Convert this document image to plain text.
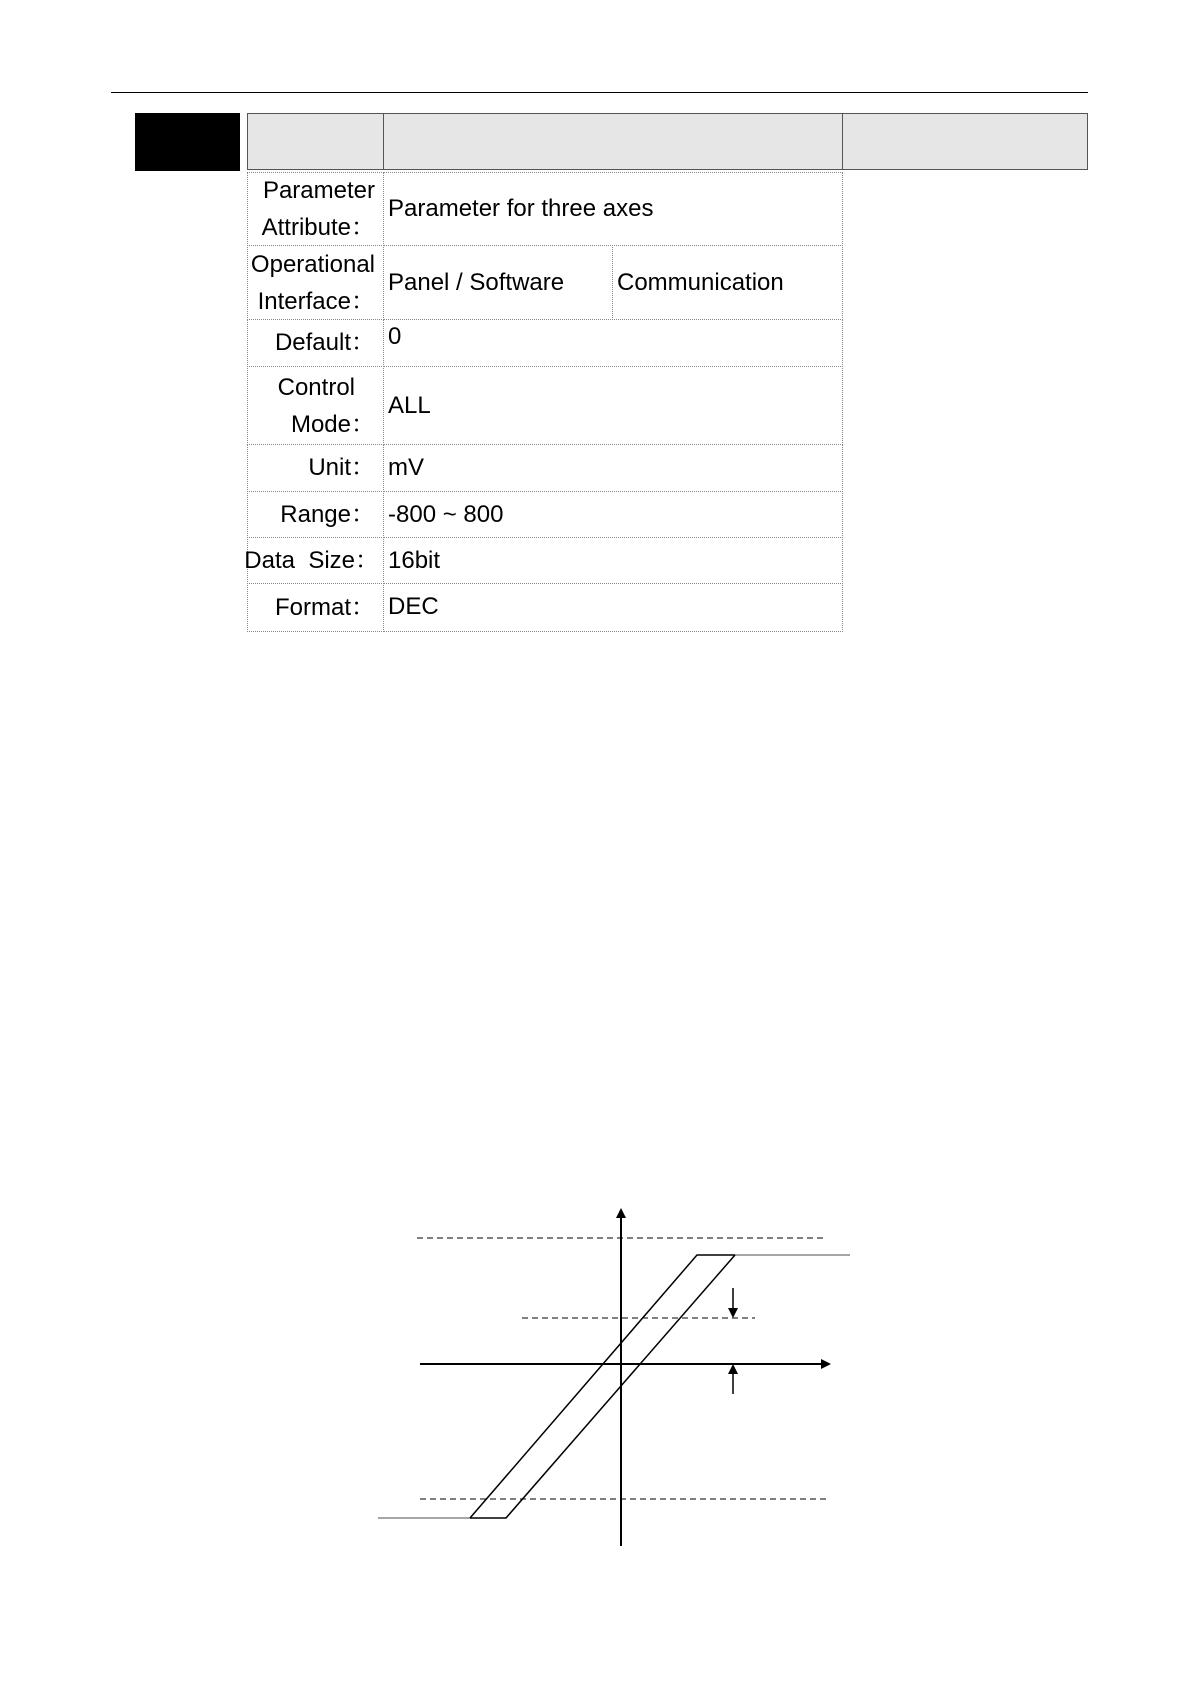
Parameter
Attribute：
Parameter for three axes
Operational
Interface：
Panel / Software	Communication
Default： 0
Control
Mode：
ALL
Unit： mV
Range： -800 ~ 800
Data  Size： 16bit
Format： DEC
